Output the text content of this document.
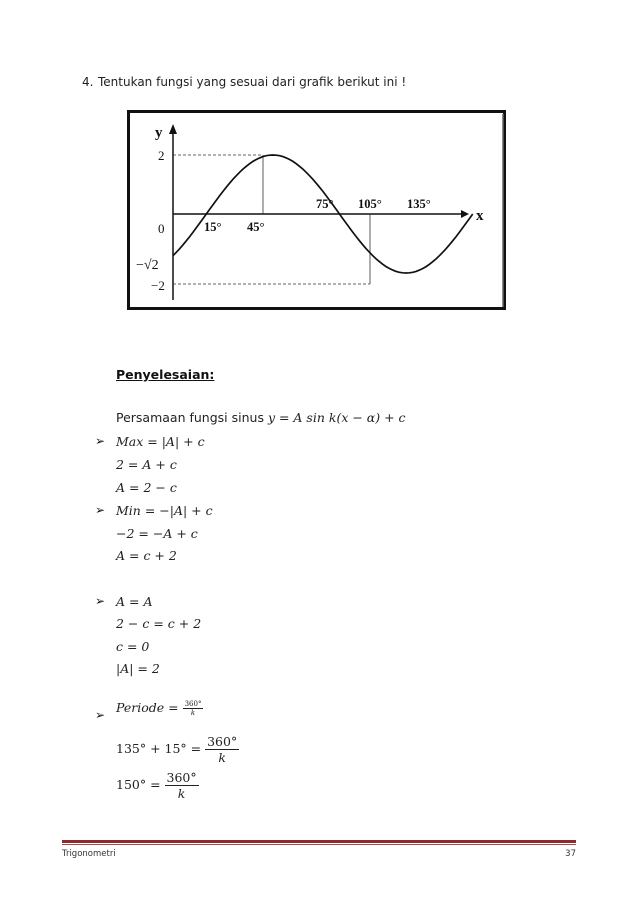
4. Tentukan fungsi yang sesuai dari grafik berikut ini !
y
x
2
0
−√2
−2
15° 45°
75° 105° 135°
Penyelesaian:
Persamaan fungsi sinus y = A sin k(x − α) + c
➢ Max = |A| + c
2 = A + c
A = 2 − c
➢ Min = −|A| + c
−2 = −A + c
A = c + 2
➢ A = A
2 − c = c + 2
c = 0
|A| = 2
➢ Periode = $\frac{360^\circ}{k}$
$135^\circ + 15^\circ = \frac{360^\circ}{k}$
$150^\circ = \frac{360^\circ}{k}$
Trigonometri	37
